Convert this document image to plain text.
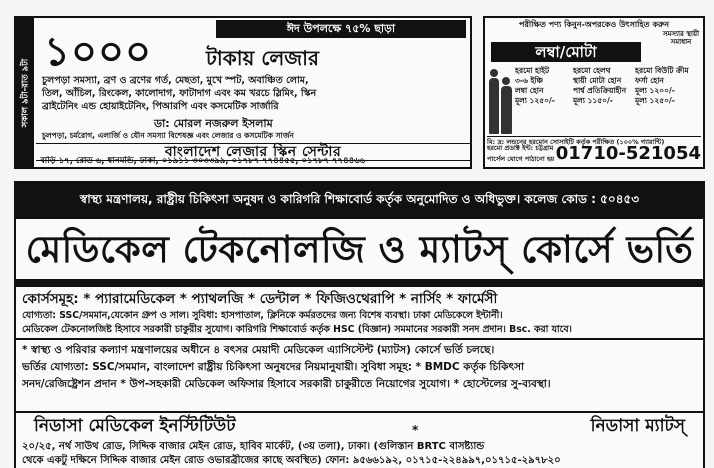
সকাল ৯টা-রাত ৯টা
ঈদ উপলক্ষে ৭৫% ছাড়া
১০০০	টাকায় লেজার
চুলপড়া সমস্যা, ব্রণ ও ব্রণের গর্ত, মেছতা, মুখে স্পট, অবাঞ্চিত লোম,
তিল, আঁচিল, রিংকেল, কালোদাগ, ফাটাদাগ এবং কম খরচে স্লিমিং, স্কিন
ব্রাইটেনিং এন্ড হোয়াইটেনিং, পিআরপি এবং কসমেটিক সার্জারি
ডা: মোরল নজরুল ইসলাম
চুলপড়া, চর্মরোগ, এলার্জি ও যৌন সমস্যা বিশেষজ্ঞ এবং লেজার ও কসমেটিক সার্জন
বাংলাদেশ লেজার স্কিন সেন্টার
বাড়ি ১৭, রোড ৬, ধানমন্ডি, ঢাকা, ০১৯১১ ৩০৩৩৯৯, ০১৭৮৭ ৭৭৪৪৫৫, ০১৭৮৭ ৭৭৪৪৬৬
পরীক্ষিত পণ্য কিনুন-অপরকেও উৎসাহিত করুন
সমস্যার স্থায়ী সমাধান
লম্বা/মোটা
হরমো হাইট
৩-৬ ইঞ্চি
লম্বা হোন
মূল্য ১২৫০/-
হরমো হেলথ
স্থায়ী মোটা হোন
পার্শ্ব প্রতিক্রিয়াহীন
মূল্য ১১৫০/-
হরমো বিউটি ক্রীম
ফর্সা হোন
মূল্য ১২০০/-
মূল্য ১২৫০/-
বি: দ্র: লন্ডনের হরমোন সোসাইটি কর্তৃক পরীক্ষিত (১০০% গ্যারান্টি)
হরমো প্রডাক্ট ইন্ট: চট্টগ্রাম
পার্সেল যোগে পাঠানো হয় 01710-521054
স্বাস্থ্য মন্ত্রণালয়, রাষ্ট্রীয় চিকিৎসা অনুষদ ও কারিগরি শিক্ষাবোর্ড কর্তৃক অনুমোদিত ও অধিভুক্ত। কলেজ কোড : ৫০৪৫৩
মেডিকেল টেকনোলজি ও ম্যাটস্ কোর্সে ভর্তি
কোর্সসমূহ: * প্যারামেডিকেল * প্যাথলজি * ডেন্টাল * ফিজিওথেরাপি * নার্সিং * ফার্মেসী
যোগ্যতা: SSC/সমমান,যেকোন গ্রুপ ও সাল। সুবিধা: হাসপাতাল, ক্লিনিকে কর্মরতদের জন্য বিশেষ ব্যবস্থা। ঢাকা মেডিকেলে ইন্টার্নী।
মেডিকেল টেকনোলজিষ্ট হিসাবে সরকারী চাকুরীর সুযোগ। কারিগরি শিক্ষাবোর্ড কর্তৃক HSC (বিজ্ঞান) সমমানের সরকারী সনদ প্রদান। Bsc. করা যাবে।
* স্বাস্থ্য ও পরিবার কল্যাণ মন্ত্রণালয়ের অধীনে ৪ বৎসর মেয়াদী মেডিকেল এ্যাসিস্টেন্ট (ম্যাটস) কোর্সে ভর্তি চলছে।
ভর্তির যোগ্যতা: SSC/সমমান, বাংলাদেশ রাষ্ট্রীয় চিকিৎসা অনুষদের নিয়মানুযায়ী। সুবিধা সমূহ: * BMDC কর্তৃক চিকিৎসা
সনদ/রেজিষ্ট্রেশন প্রদান * উপ-সহকারী মেডিকেল অফিসার হিসাবে সরকারী চাকুরীতে নিয়োগের সুযোগ। * হোস্টেলের সু-ব্যবস্থা।
নিডাসা মেডিকেল ইনস্টিটিউট	*	নিডাসা ম্যাটস্
২০/২৫, নর্থ সাউথ রোড, সিদ্দিক বাজার মেইন রোড, হাবিব মার্কেট, (৩য় তলা), ঢাকা। (গুলিস্তান BRTC বাসষ্ট্যান্ড
থেকে একটু দক্ষিনে সিদ্দিক বাজার মেইন রোড ওভারব্রীজের কাছে অবস্থিত) ফোন: ৯৫৬৬১৯২, ০১৭১৫-২২৪৯৯৭,০১৭১৫-২৯৭৮২০
